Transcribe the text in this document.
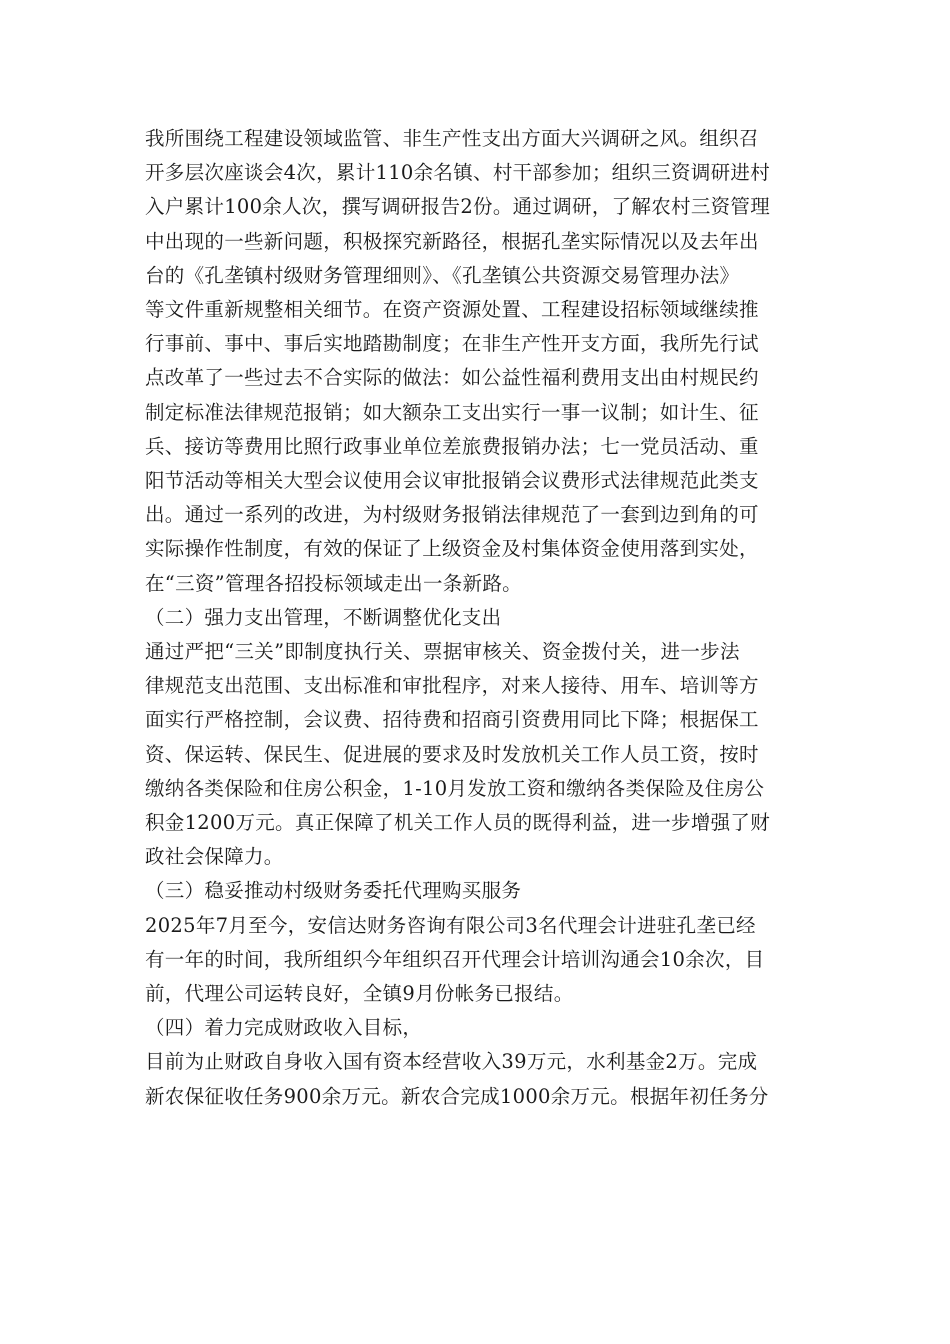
我所围绕工程建设领域监管、非生产性支出方面大兴调研之风。组织召
开多层次座谈会4次，累计110余名镇、村干部参加；组织三资调研进村
入户累计100余人次，撰写调研报告2份。通过调研，了解农村三资管理
中出现的一些新问题，积极探究新路径，根据孔垄实际情况以及去年出
台的《孔垄镇村级财务管理细则》、《孔垄镇公共资源交易管理办法》
等文件重新规整相关细节。在资产资源处置、工程建设招标领域继续推
行事前、事中、事后实地踏勘制度；在非生产性开支方面，我所先行试
点改革了一些过去不合实际的做法：如公益性福利费用支出由村规民约
制定标准法律规范报销；如大额杂工支出实行一事一议制；如计生、征
兵、接访等费用比照行政事业单位差旅费报销办法；七一党员活动、重
阳节活动等相关大型会议使用会议审批报销会议费形式法律规范此类支
出。通过一系列的改进，为村级财务报销法律规范了一套到边到角的可
实际操作性制度，有效的保证了上级资金及村集体资金使用落到实处，
在“三资”管理各招投标领域走出一条新路。
（二）强力支出管理，不断调整优化支出
通过严把“三关”即制度执行关、票据审核关、资金拨付关，进一步法
律规范支出范围、支出标准和审批程序，对来人接待、用车、培训等方
面实行严格控制，会议费、招待费和招商引资费用同比下降；根据保工
资、保运转、保民生、促进展的要求及时发放机关工作人员工资，按时
缴纳各类保险和住房公积金，1-10月发放工资和缴纳各类保险及住房公
积金1200万元。真正保障了机关工作人员的既得利益，进一步增强了财
政社会保障力。
（三）稳妥推动村级财务委托代理购买服务
2025年7月至今，安信达财务咨询有限公司3名代理会计进驻孔垄已经
有一年的时间，我所组织今年组织召开代理会计培训沟通会10余次，目
前，代理公司运转良好，全镇9月份帐务已报结。
（四）着力完成财政收入目标，
目前为止财政自身收入国有资本经营收入39万元，水利基金2万。完成
新农保征收任务900余万元。新农合完成1000余万元。根据年初任务分
